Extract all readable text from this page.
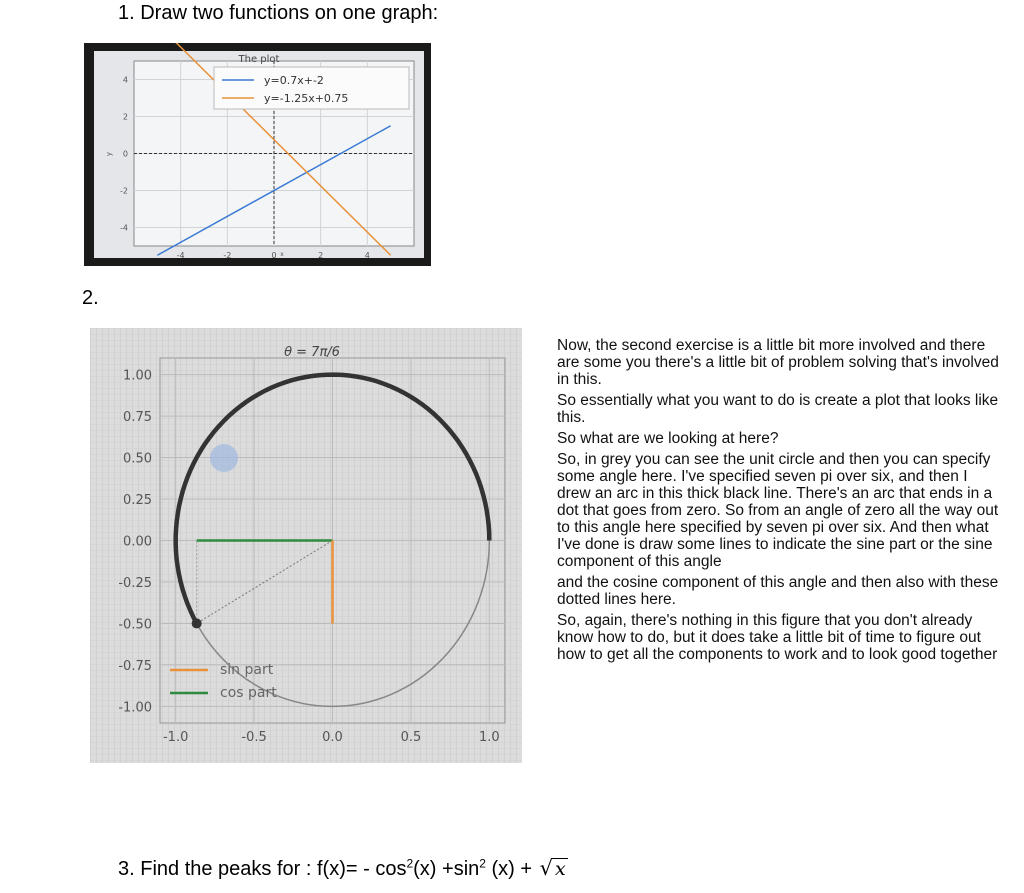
1. Draw two functions on one graph:
-4	-2	0	2	4
4
2
0
-2
-4
The plot
y=0.7x+-2
y=-1.25x+0.75
x
y
2.
-1.0	-0.5	0.0	0.5	1.0
1.00
0.75
0.50
0.25
0.00
-0.25
-0.50
-0.75
-1.00
θ = 7π/6
sin part
cos part

Now, the second exercise is a little bit more involved and there are some you there's a little bit of problem solving that's involved in this.

So essentially what you want to do is create a plot that looks like this.

So what are we looking at here?

So, in grey you can see the unit circle and then you can specify some angle here. I've specified seven pi over six, and then I drew an arc in this thick black line. There's an arc that ends in a dot that goes from zero. So from an angle of zero all the way out to this angle here specified by seven pi over six. And then what I've done is draw some lines to indicate the sine part or the sine component of this angle

and the cosine component of this angle and then also with these dotted lines here.

So, again, there's nothing in this figure that you don't already know how to do, but it does take a little bit of time to figure out how to get all the components to work and to look good together

3. Find the peaks for : $f(x)= - \cos^2(x) +\sin^2$ (x) + √ x
